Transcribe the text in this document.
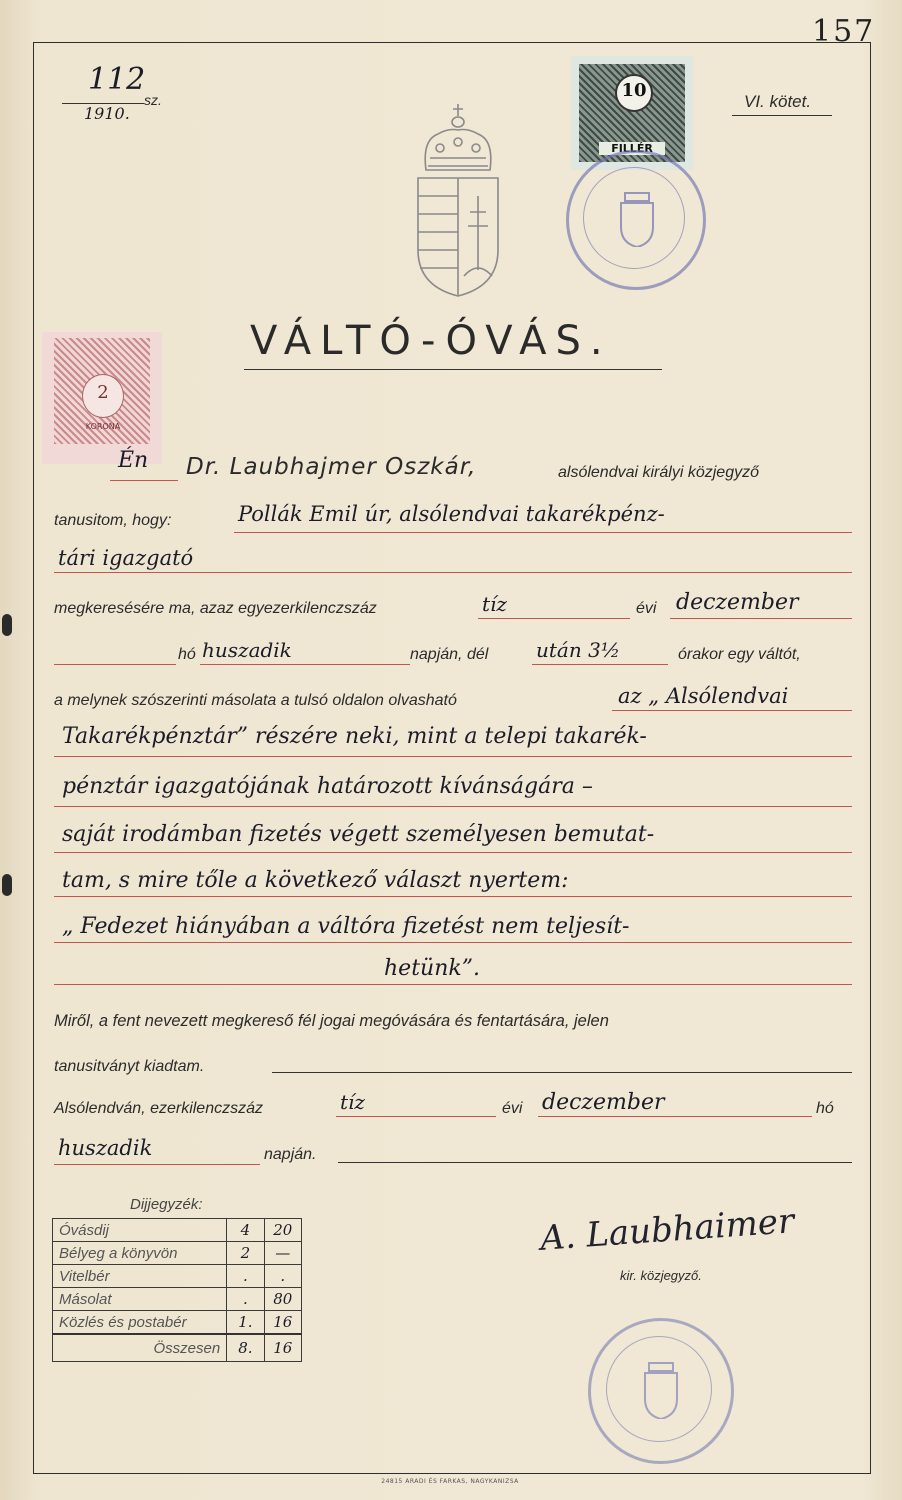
157
112
sz.
1910.
VI. kötet.
10
FILLÉR
VÁLTÓ-ÓVÁS.
2
KORONA
Én Dr. Laubhajmer Oszkár,	alsólendvai királyi közjegyző
tanusitom, hogy:	Pollák Emil úr, alsólendvai takarékpénz-
tári igazgató
megkeresésére ma, azaz egyezerkilenczszáz	tíz	évi deczember
hó huszadik	napján, dél után 3½	órakor egy váltót,
a melynek szószerinti másolata a tulsó oldalon olvasható	az „ Alsólendvai
Takarékpénztár” részére neki, mint a telepi takarék-
pénztár igazgatójának határozott kívánságára –
saját irodámban fizetés végett személyesen bemutat-
tam, s mire tőle a következő választ nyertem:
„ Fedezet hiányában a váltóra fizetést nem teljesít-
hetünk”.
Miről, a fent nevezett megkereső fél jogai megóvására és fentartására, jelen
tanusitványt kiadtam.
Alsólendván, ezerkilenczszáz	tíz	évi deczember	hó
huszadik	napján.
Dijjegyzék:
Óvásdij	4	20
Bélyeg a könyvön	2	—
Vitelbér	.	.
Másolat	.	80
Közlés és postabér	1.	16
Összesen	8.	16
A. Laubhaimer
kir. közjegyző.
24815 ARADI ÉS FARKAS, NAGYKANIZSA
